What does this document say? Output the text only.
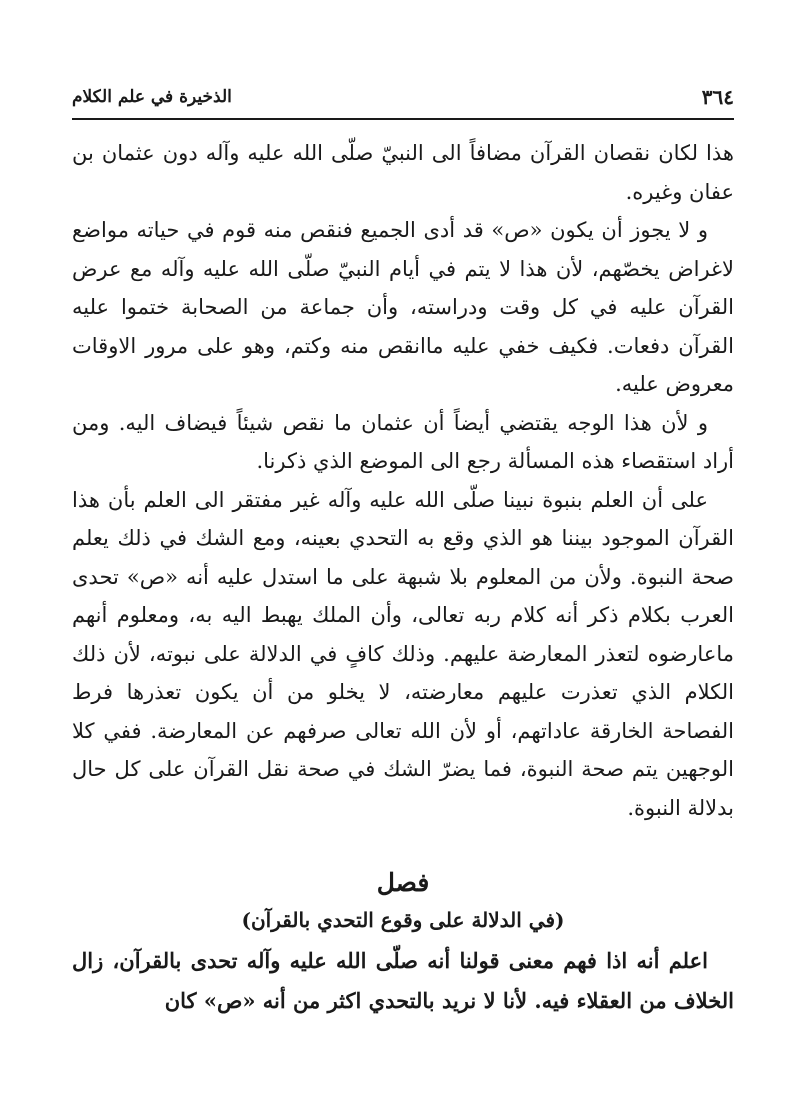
٣٦٤
الذخيرة في علم الكلام

هذا لكان نقصان القرآن مضافاً الى النبيّ صلّى الله عليه وآله دون عثمان بن عفان وغيره.

و لا يجوز أن يكون «ص» قد أدى الجميع فنقص منه قوم في حياته مواضع لاغراض يخصّهم، لأن هذا لا يتم في أيام النبيّ صلّى الله عليه وآله مع عرض القرآن عليه في كل وقت ودراسته، وأن جماعة من الصحابة ختموا عليه القرآن دفعات. فكيف خفي عليه ماانقص منه وكتم، وهو على مرور الاوقات معروض عليه.

و لأن هذا الوجه يقتضي أيضاً أن عثمان ما نقص شيئاً فيضاف اليه. ومن أراد استقصاء هذه المسألة رجع الى الموضع الذي ذكرنا.

على أن العلم بنبوة نبينا صلّى الله عليه وآله غير مفتقر الى العلم بأن هذا القرآن الموجود بيننا هو الذي وقع به التحدي بعينه، ومع الشك في ذلك يعلم صحة النبوة. ولأن من المعلوم بلا شبهة على ما استدل عليه أنه «ص» تحدى العرب بكلام ذكر أنه كلام ربه تعالى، وأن الملك يهبط اليه به، ومعلوم أنهم ماعارضوه لتعذر المعارضة عليهم. وذلك كافٍ في الدلالة على نبوته، لأن ذلك الكلام الذي تعذرت عليهم معارضته، لا يخلو من أن يكون تعذرها فرط الفصاحة الخارقة عاداتهم، أو لأن الله تعالى صرفهم عن المعارضة. ففي كلا الوجهين يتم صحة النبوة، فما يضرّ الشك في صحة نقل القرآن على كل حال بدلالة النبوة.

فصل
(في الدلالة على وقوع التحدي بالقرآن)

اعلم أنه اذا فهم معنى قولنا أنه صلّى الله عليه وآله تحدى بالقرآن، زال الخلاف من العقلاء فيه. لأنا لا نريد بالتحدي اكثر من أنه «ص» كان
